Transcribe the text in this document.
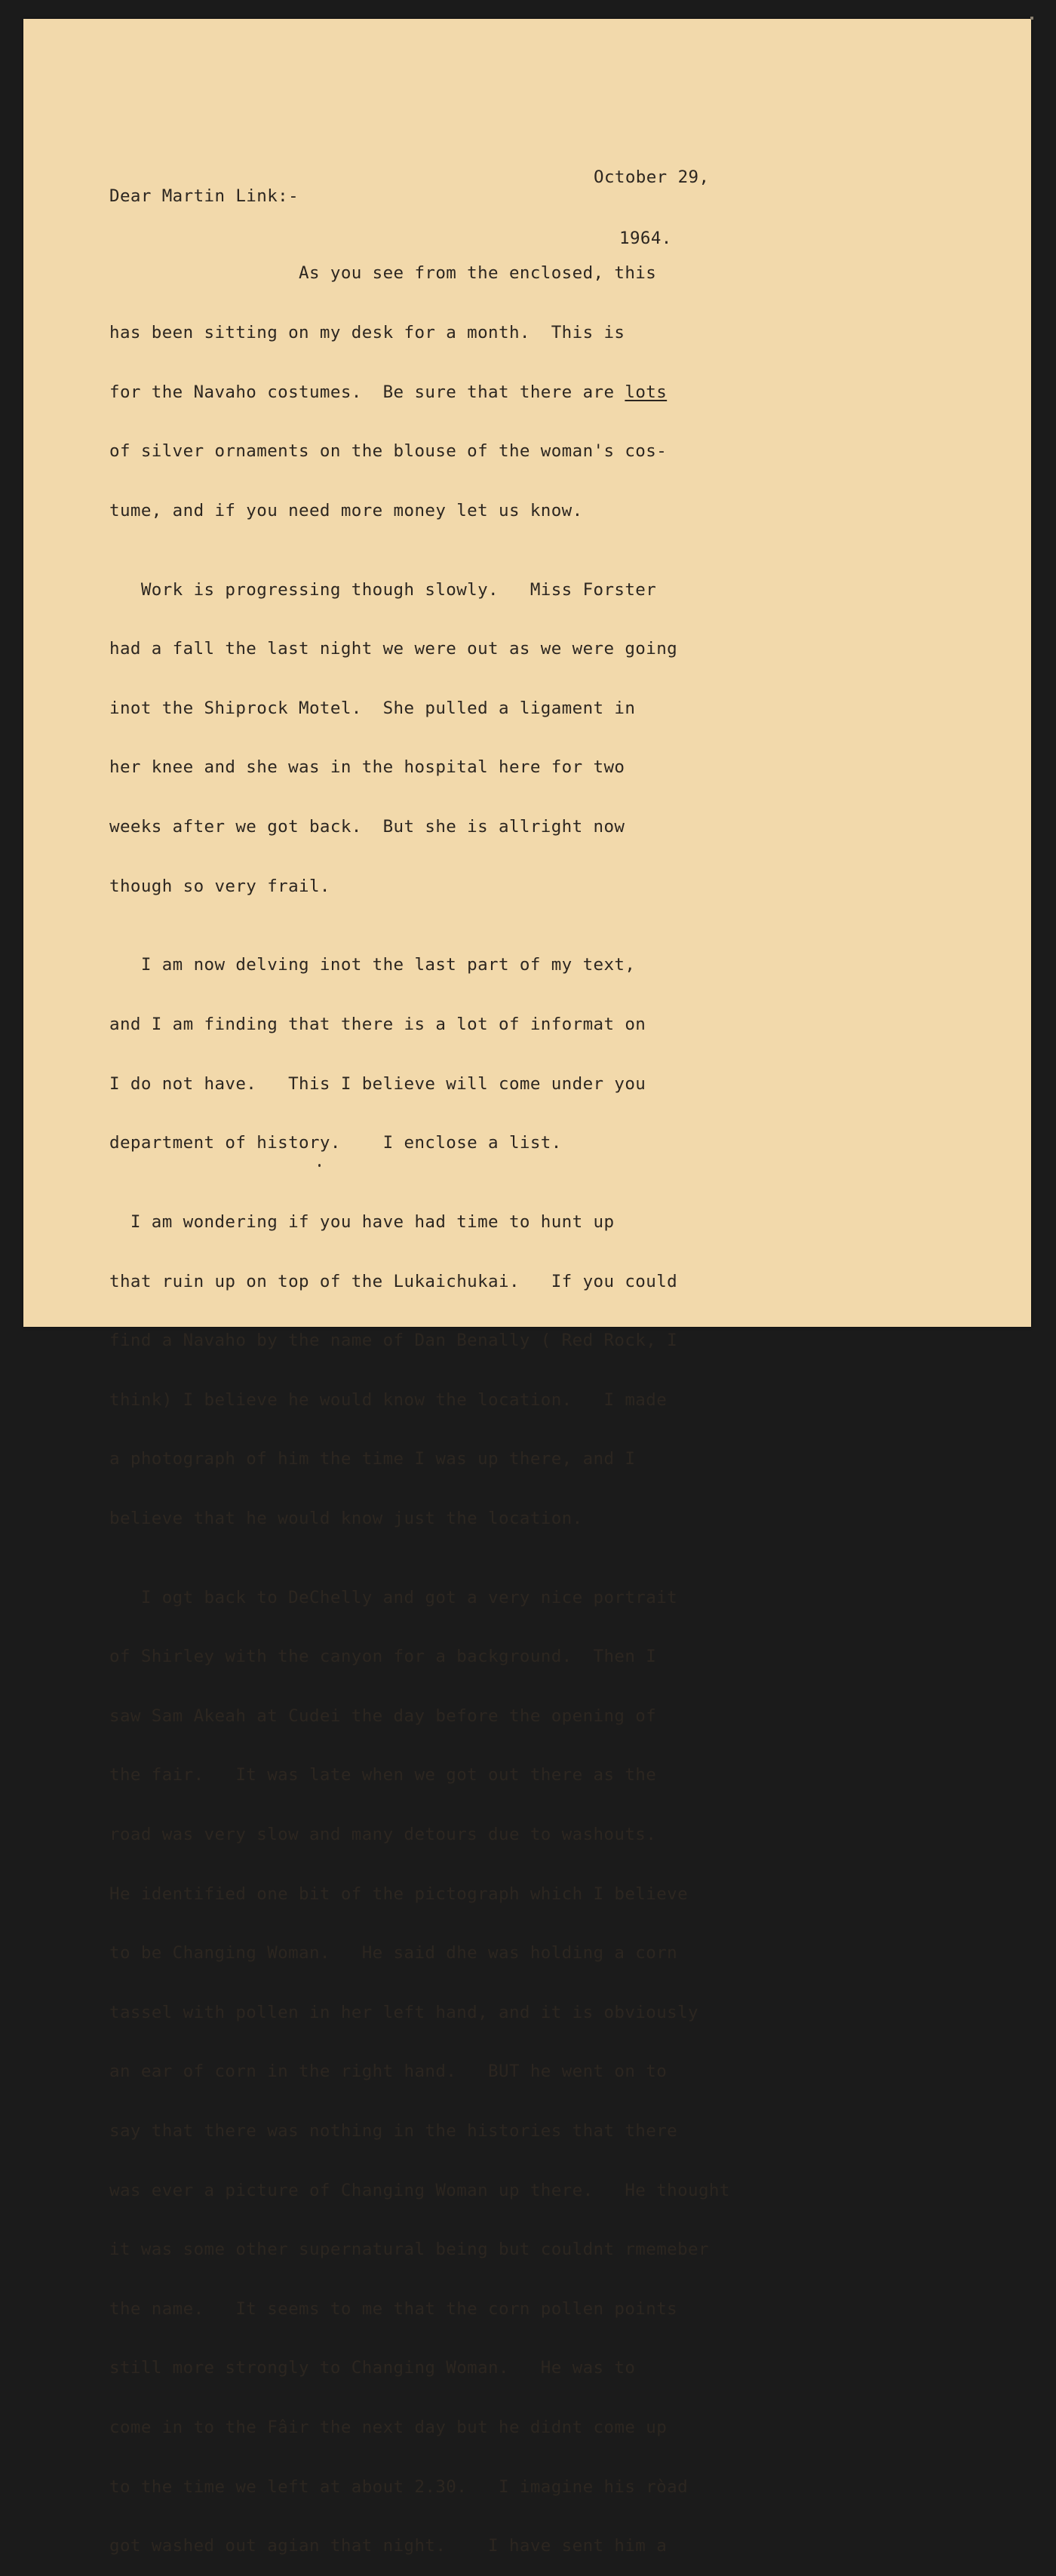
October 29,

1964.

Dear Martin Link:-

As you see from the enclosed, this

has been sitting on my desk for a month.  This is

for the Navaho costumes.  Be sure that there are lots

of silver ornaments on the blouse of the woman's cos-

tume, and if you need more money let us know.

Work is progressing though slowly.   Miss Forster

had a fall the last night we were out as we were going

inot the Shiprock Motel.  She pulled a ligament in

her knee and she was in the hospital here for two

weeks after we got back.  But she is allright now

though so very frail.

I am now delving inot the last part of my text,

and I am finding that there is a lot of informat on

I do not have.   This I believe will come under you

department of history.    I enclose a list.

I am wondering if you have had time to hunt up

that ruin up on top of the Lukaichukai.   If you could

find a Navaho by the name of Dan Benally ( Red Rock, I

think) I believe he would know the location.   I made

a photograph of him the time I was up there, and I

believe that he would know just the location.

I ogt back to DeChelly and got a very nice portrait

of Shirley with the canyon for a background.  Then I

saw Sam Akeah at Cudei the day before the opening of

the fair.   It was late when we got out there as the

road was very slow and many detours due to washouts.

He identified one bit of the pictograph which I believe

to be Changing Woman.   He said dhe was holding a corn

tassel with pollen in her left hand, and it is obviously

an ear of corn in the right hand.   BUT he went on to

say that there was nothing in the histories that there

was ever a picture of Changing Woman up there.   He thought

it was some other supernatural being but couldnt rmemeber

the name.   It seems to me that the corn pollen points

still more strongly to Changing Woman.   He was to

come in to the Fâir the next day but he didnt come up

to the time we left at about 2.30.   I imagine his ròad

got washed out agian that night.    I have sent him a
